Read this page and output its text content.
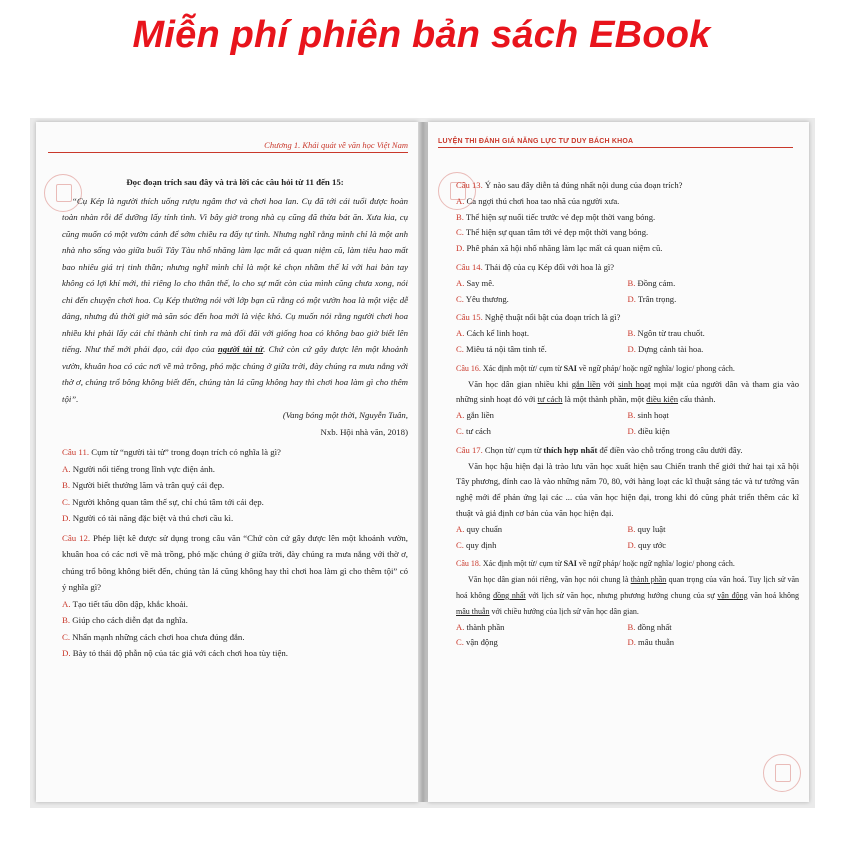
Miễn phí phiên bản sách EBook
Chương 1. Khái quát về văn học Việt Nam

Đọc đoạn trích sau đây và trả lời các câu hỏi từ 11 đến 15:

“Cụ Kép là người thích uống rượu ngâm thơ và chơi hoa lan. Cụ đã tới cái tuổi được hoàn toàn nhàn rỗi để dưỡng lấy tính tình. Vì bây giờ trong nhà cụ cũng đã thừa bát ăn. Xưa kia, cụ cũng muốn có một vườn cảnh để sớm chiều ra đấy tự tình. Nhưng nghĩ rằng mình chỉ là một anh nhà nho sống vào giữa buổi Tây Tàu nhố nhăng làm lạc mất cả quan niệm cũ, làm tiêu hao mất bao nhiêu giá trị tinh thần; nhưng nghĩ mình chỉ là một kẻ chọn nhầm thế kỉ với hai bàn tay không có lợi khí mới, thì riêng lo cho thân thế, lo cho sự mất còn của mình cũng chưa xong, nói chi đến chuyện chơi hoa. Cụ Kép thường nói với lớp bạn cũ rằng có một vườn hoa là một việc dễ dàng, nhưng đủ thời giờ mà săn sóc đến hoa mới là việc khó. Cụ muốn nói rằng người chơi hoa nhiều khi phải lấy cái chí thành chí tình ra mà đối đãi với giống hoa có không bao giờ biết lên tiếng. Như thế mới phải đạo, cái đạo của người tài tử. Chứ còn cứ gây được lên một khoảnh vườn, khuân hoa có các nơi về mà trồng, phó mặc chúng ở giữa trời, đày chúng ra mưa nắng với thờ ơ, chúng trổ bông không biết đến, chúng tàn lá cũng không hay thì chơi hoa làm gì cho thêm tội”.

(Vang bóng một thời, Nguyễn Tuân,

Nxb. Hội nhà văn, 2018)

Câu 11. Cụm từ “người tài tử” trong đoạn trích có nghĩa là gì?

A. Người nổi tiếng trong lĩnh vực điện ảnh.

B. Người biết thưởng lãm và trân quý cái đẹp.

C. Người không quan tâm thế sự, chỉ chú tâm tới cái đẹp.

D. Người có tài năng đặc biệt và thú chơi cầu kì.

Câu 12. Phép liệt kê được sử dụng trong câu văn “Chứ còn cứ gây được lên một khoảnh vườn, khuân hoa có các nơi về mà trồng, phó mặc chúng ở giữa trời, đày chúng ra mưa nắng với thờ ơ, chúng trổ bông không biết đến, chúng tàn lá cũng không hay thì chơi hoa làm gì cho thêm tội” có ý nghĩa gì?

A. Tạo tiết tấu dồn dập, khắc khoải.

B. Giúp cho cách diễn đạt đa nghĩa.

C. Nhấn mạnh những cách chơi hoa chưa đúng đắn.

D. Bày tỏ thái độ phẫn nộ của tác giả với cách chơi hoa tùy tiện.

LUYỆN THI ĐÁNH GIÁ NĂNG LỰC TƯ DUY BÁCH KHOA

Câu 13. Ý nào sau đây diễn tả đúng nhất nội dung của đoạn trích?

A. Ca ngợi thú chơi hoa tao nhã của người xưa.

B. Thể hiện sự nuối tiếc trước vẻ đẹp một thời vang bóng.

C. Thể hiện sự quan tâm tới vẻ đẹp một thời vang bóng.

D. Phê phán xã hội nhố nhăng làm lạc mất cả quan niệm cũ.

Câu 14. Thái độ của cụ Kép đối với hoa là gì?

A. Say mê.	B. Đồng cảm.
C. Yêu thương.	D. Trân trọng.

Câu 15. Nghệ thuật nổi bật của đoạn trích là gì?

A. Cách kể linh hoạt.	B. Ngôn từ trau chuốt.
C. Miêu tả nội tâm tinh tế.	D. Dựng cảnh tài hoa.

Câu 16. Xác định một từ/ cụm từ SAI về ngữ pháp/ hoặc ngữ nghĩa/ logic/ phong cách.

Văn học dân gian nhiều khi gắn liền với sinh hoạt mọi mặt của người dân và tham gia vào những sinh hoạt đó với tư cách là một thành phần, một điều kiện cấu thành.

A. gắn liền	B. sinh hoạt
C. tư cách	D. điều kiện

Câu 17. Chọn từ/ cụm từ thích hợp nhất để điền vào chỗ trống trong câu dưới đây.

Văn học hậu hiện đại là trào lưu văn học xuất hiện sau Chiến tranh thế giới thứ hai tại xã hội Tây phương, đỉnh cao là vào những năm 70, 80, với hàng loạt các kĩ thuật sáng tác và tư tưởng văn nghệ mới để phản ứng lại các ... của văn học hiện đại, trong khi đó cũng phát triển thêm các kĩ thuật và giả định cơ bản của văn học hiện đại.

A. quy chuẩn	B. quy luật
C. quy định	D. quy ước

Câu 18. Xác định một từ/ cụm từ SAI về ngữ pháp/ hoặc ngữ nghĩa/ logic/ phong cách.

Văn học dân gian nói riêng, văn học nói chung là thành phần quan trọng của văn hoá. Tuy lịch sử văn hoá không đồng nhất với lịch sử văn học, nhưng phương hướng chung của sự vận động văn hoá không mâu thuẫn với chiều hướng của lịch sử văn học dân gian.

A. thành phần	B. đồng nhất
C. vận động	D. mâu thuẫn
